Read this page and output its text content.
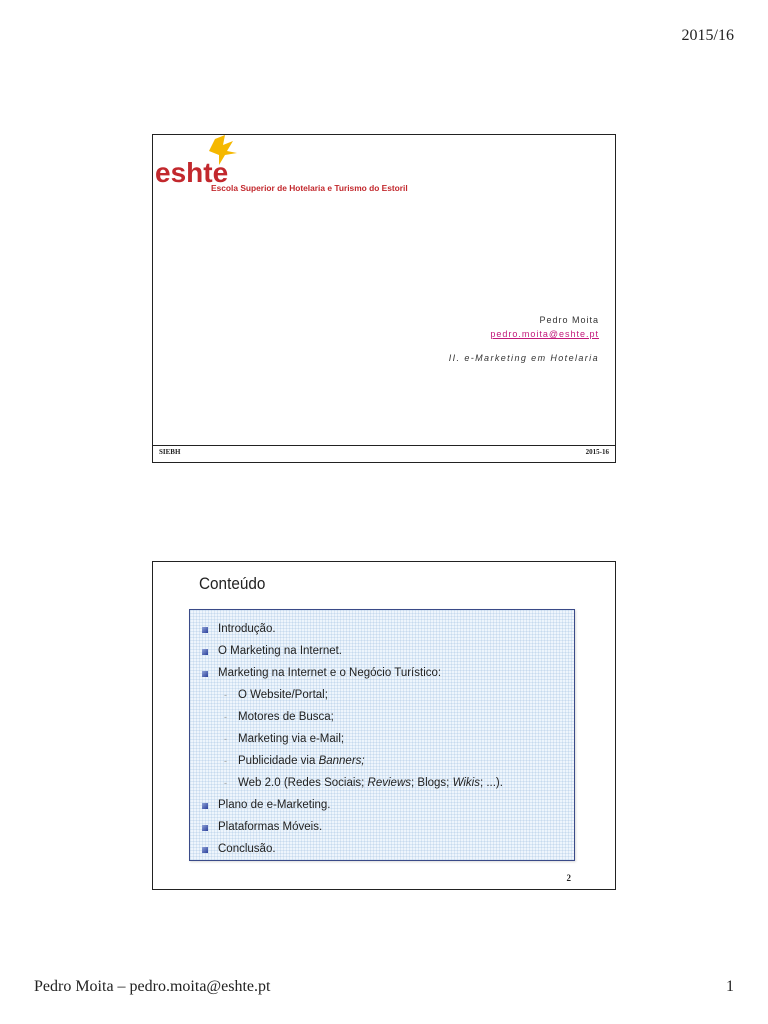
2015/16
eshte
Escola Superior de Hotelaria e Turismo do Estoril
Pedro Moita
pedro.moita@eshte.pt
II. e-Marketing em Hotelaria
SIEBH	2015-16
Conteúdo
Introdução.
O Marketing na Internet.
Marketing na Internet e o Negócio Turístico:
- O Website/Portal;
- Motores de Busca;
- Marketing via e-Mail;
- Publicidade via Banners;
- Web 2.0 (Redes Sociais; Reviews; Blogs; Wikis; ...).
Plano de e-Marketing.
Plataformas Móveis.
Conclusão.
2
Pedro Moita – pedro.moita@eshte.pt	1
